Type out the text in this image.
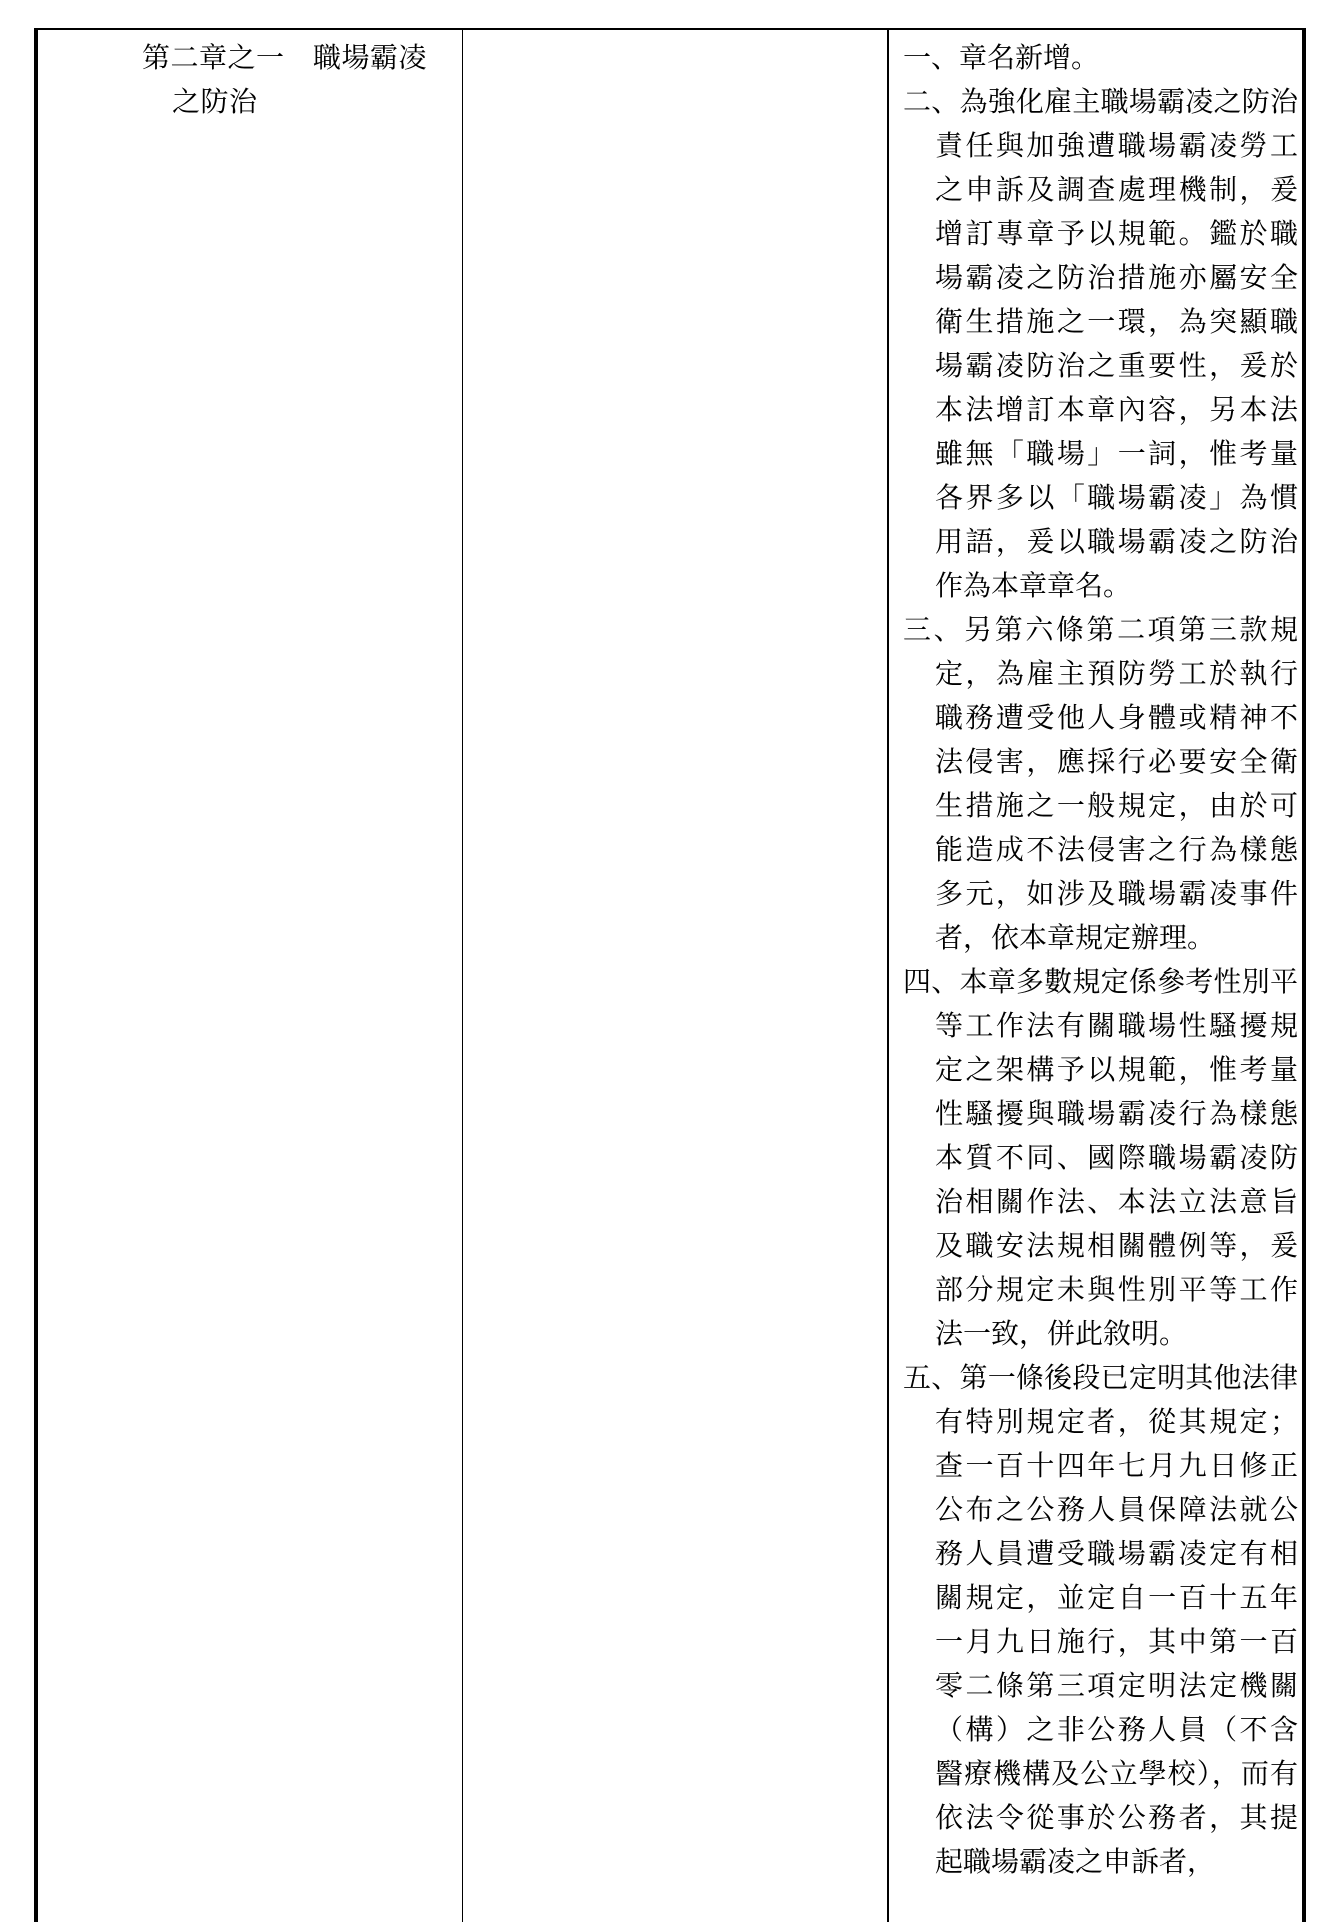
第二章之一　職場霸凌
之防治
一、章名新增。
二、為強化雇主職場霸凌之防治責任與加強遭職場霸凌勞工之申訴及調查處理機制，爰增訂專章予以規範。鑑於職場霸凌之防治措施亦屬安全衛生措施之一環，為突顯職場霸凌防治之重要性，爰於本法增訂本章內容，另本法雖無「職場」一詞，惟考量各界多以「職場霸凌」為慣用語，爰以職場霸凌之防治作為本章章名。
三、另第六條第二項第三款規定，為雇主預防勞工於執行職務遭受他人身體或精神不法侵害，應採行必要安全衛生措施之一般規定，由於可能造成不法侵害之行為樣態多元，如涉及職場霸凌事件者，依本章規定辦理。
四、本章多數規定係參考性別平等工作法有關職場性騷擾規定之架構予以規範，惟考量性騷擾與職場霸凌行為樣態本質不同、國際職場霸凌防治相關作法、本法立法意旨及職安法規相關體例等，爰部分規定未與性別平等工作法一致，併此敘明。
五、第一條後段已定明其他法律有特別規定者，從其規定；查一百十四年七月九日修正公布之公務人員保障法就公務人員遭受職場霸凌定有相關規定，並定自一百十五年一月九日施行，其中第一百零二條第三項定明法定機關（構）之非公務人員（不含醫療機構及公立學校），而有依法令從事於公務者，其提起職場霸凌之申訴者，
